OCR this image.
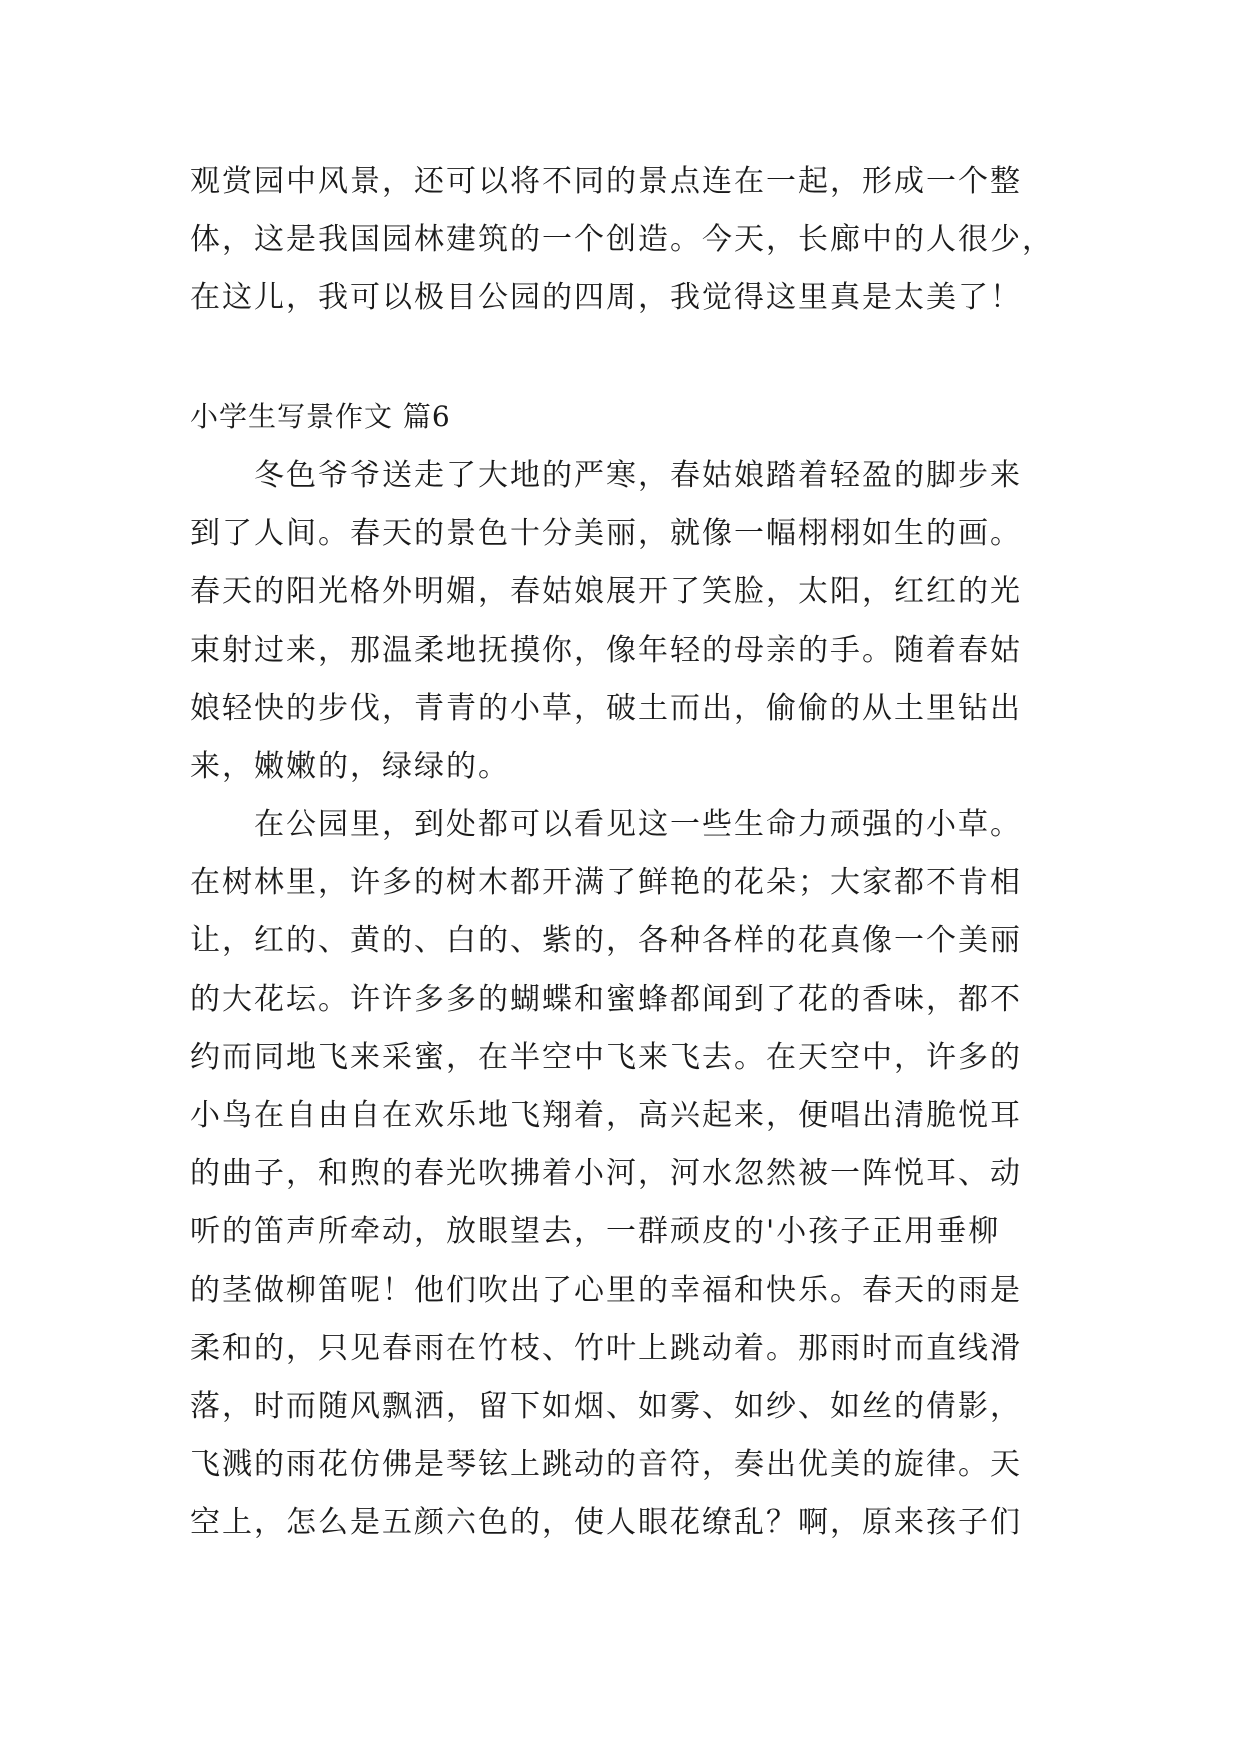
观赏园中风景，还可以将不同的景点连在一起，形成一个整
体，这是我国园林建筑的一个创造。今天，长廊中的人很少，
在这儿，我可以极目公园的四周，我觉得这里真是太美了！

小学生写景作文 篇6

冬色爷爷送走了大地的严寒，春姑娘踏着轻盈的脚步来
到了人间。春天的景色十分美丽，就像一幅栩栩如生的画。
春天的阳光格外明媚，春姑娘展开了笑脸，太阳，红红的光
束射过来，那温柔地抚摸你，像年轻的母亲的手。随着春姑
娘轻快的步伐，青青的小草，破土而出，偷偷的从土里钻出
来，嫩嫩的，绿绿的。

在公园里，到处都可以看见这一些生命力顽强的小草。
在树林里，许多的树木都开满了鲜艳的花朵；大家都不肯相
让，红的、黄的、白的、紫的，各种各样的花真像一个美丽
的大花坛。许许多多的蝴蝶和蜜蜂都闻到了花的香味，都不
约而同地飞来采蜜，在半空中飞来飞去。在天空中，许多的
小鸟在自由自在欢乐地飞翔着，高兴起来，便唱出清脆悦耳
的曲子，和煦的春光吹拂着小河，河水忽然被一阵悦耳、动
听的笛声所牵动，放眼望去，一群顽皮的'小孩子正用垂柳
的茎做柳笛呢！他们吹出了心里的幸福和快乐。春天的雨是
柔和的，只见春雨在竹枝、竹叶上跳动着。那雨时而直线滑
落，时而随风飘洒，留下如烟、如雾、如纱、如丝的倩影，
飞溅的雨花仿佛是琴铉上跳动的音符，奏出优美的旋律。天
空上，怎么是五颜六色的，使人眼花缭乱？啊，原来孩子们
